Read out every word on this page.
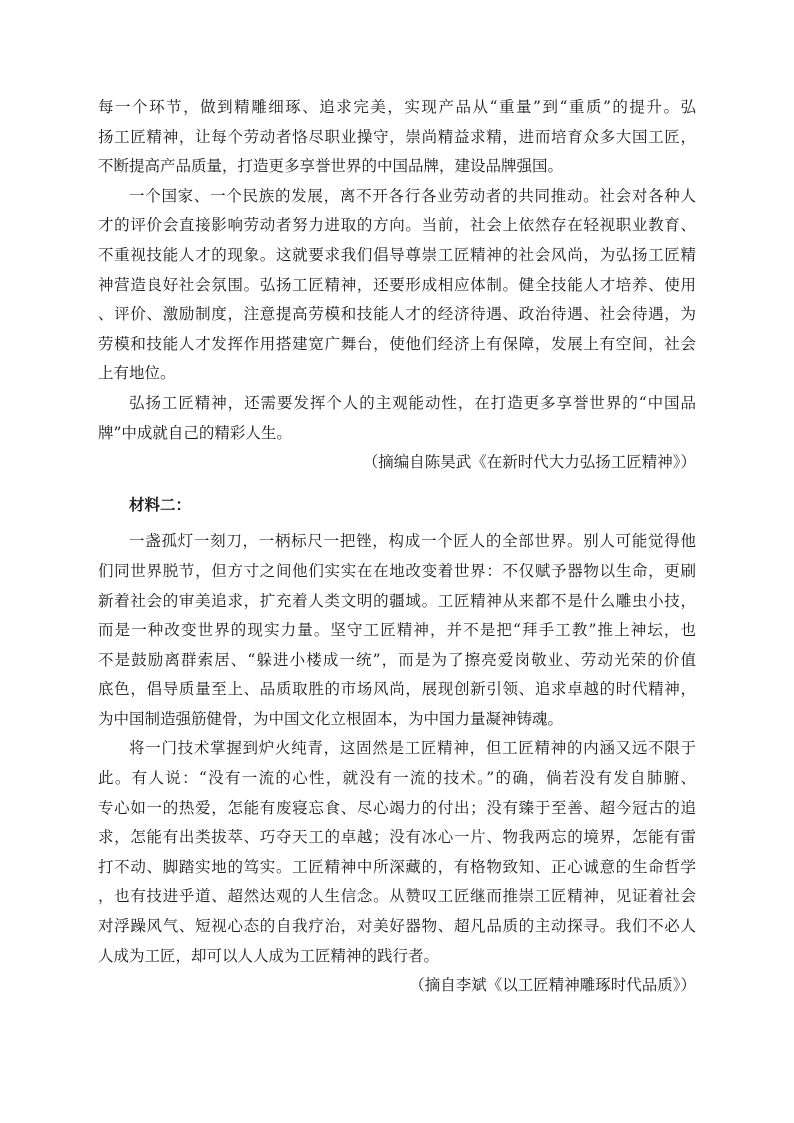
每一个环节，做到精雕细琢、追求完美，实现产品从“重量”到“重质”的提升。弘
扬工匠精神，让每个劳动者恪尽职业操守，崇尚精益求精，进而培育众多大国工匠，
不断提高产品质量，打造更多享誉世界的中国品牌，建设品牌强国。
一个国家、一个民族的发展，离不开各行各业劳动者的共同推动。社会对各种人
才的评价会直接影响劳动者努力进取的方向。当前，社会上依然存在轻视职业教育、
不重视技能人才的现象。这就要求我们倡导尊崇工匠精神的社会风尚，为弘扬工匠精
神营造良好社会氛围。弘扬工匠精神，还要形成相应体制。健全技能人才培养、使用
、评价、激励制度，注意提高劳模和技能人才的经济待遇、政治待遇、社会待遇，为
劳模和技能人才发挥作用搭建宽广舞台，使他们经济上有保障，发展上有空间，社会
上有地位。
弘扬工匠精神，还需要发挥个人的主观能动性，在打造更多享誉世界的“中国品
牌”中成就自己的精彩人生。
（摘编自陈昊武《在新时代大力弘扬工匠精神》）
材料二：
一盏孤灯一刻刀，一柄标尺一把锉，构成一个匠人的全部世界。别人可能觉得他
们同世界脱节，但方寸之间他们实实在在地改变着世界：不仅赋予器物以生命，更刷
新着社会的审美追求，扩充着人类文明的疆域。工匠精神从来都不是什么雕虫小技，
而是一种改变世界的现实力量。坚守工匠精神，并不是把“拜手工教”推上神坛，也
不是鼓励离群索居、“躲进小楼成一统”，而是为了擦亮爱岗敬业、劳动光荣的价值
底色，倡导质量至上、品质取胜的市场风尚，展现创新引领、追求卓越的时代精神，
为中国制造强筋健骨，为中国文化立根固本，为中国力量凝神铸魂。
将一门技术掌握到炉火纯青，这固然是工匠精神，但工匠精神的内涵又远不限于
此。有人说：“没有一流的心性，就没有一流的技术。”的确，倘若没有发自肺腑、
专心如一的热爱，怎能有废寝忘食、尽心竭力的付出；没有臻于至善、超今冠古的追
求，怎能有出类拔萃、巧夺天工的卓越；没有冰心一片、物我两忘的境界，怎能有雷
打不动、脚踏实地的笃实。工匠精神中所深藏的，有格物致知、正心诚意的生命哲学
，也有技进乎道、超然达观的人生信念。从赞叹工匠继而推崇工匠精神，见证着社会
对浮躁风气、短视心态的自我疗治，对美好器物、超凡品质的主动探寻。我们不必人
人成为工匠，却可以人人成为工匠精神的践行者。
（摘自李斌《以工匠精神雕琢时代品质》）
